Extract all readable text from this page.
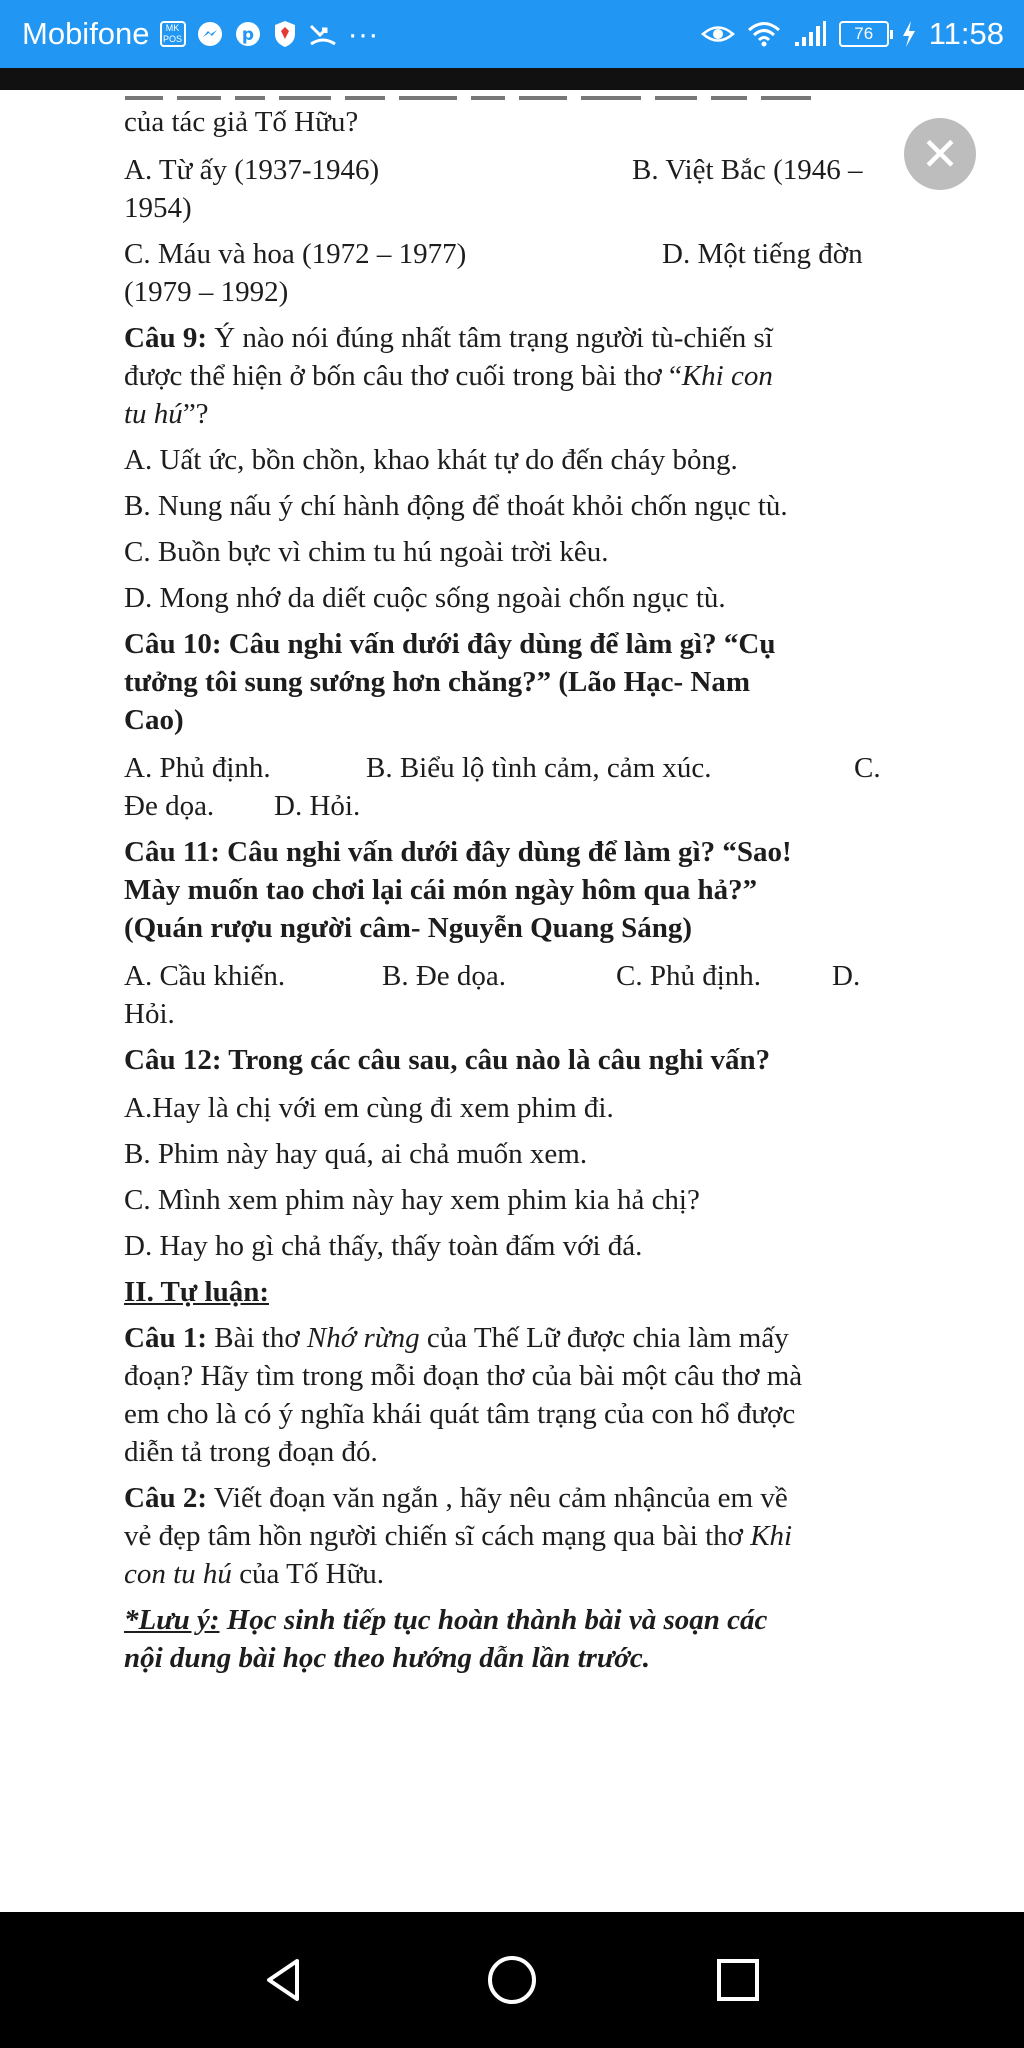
Mobifone	MK POS	p	···	76	11:58
của tác giả Tố Hữu?
A. Từ ấy (1937-1946)	B. Việt Bắc (1946 –
1954)
C. Máu và hoa (1972 – 1977)	D. Một tiếng đờn
(1979 – 1992)
Câu 9: Ý nào nói đúng nhất tâm trạng người tù-chiến sĩ
được thể hiện ở bốn câu thơ cuối trong bài thơ “Khi con
tu hú”?
A. Uất ức, bồn chồn, khao khát tự do đến cháy bỏng.
B. Nung nấu ý chí hành động để thoát khỏi chốn ngục tù.
C. Buồn bực vì chim tu hú ngoài trời kêu.
D. Mong nhớ da diết cuộc sống ngoài chốn ngục tù.
Câu 10: Câu nghi vấn dưới đây dùng để làm gì? “Cụ
tưởng tôi sung sướng hơn chăng?” (Lão Hạc- Nam
Cao)
A. Phủ định.	B. Biểu lộ tình cảm, cảm xúc.	C.
Đe dọa. D. Hỏi.
Câu 11: Câu nghi vấn dưới đây dùng để làm gì? “Sao!
Mày muốn tao chơi lại cái món ngày hôm qua hả?”
(Quán rượu người câm- Nguyễn Quang Sáng)
A. Cầu khiến.	B. Đe dọa.	C. Phủ định. D.
Hỏi.
Câu 12: Trong các câu sau, câu nào là câu nghi vấn?
A.Hay là chị với em cùng đi xem phim đi.
B. Phim này hay quá, ai chả muốn xem.
C. Mình xem phim này hay xem phim kia hả chị?
D. Hay ho gì chả thấy, thấy toàn đấm với đá.
II. Tự luận:
Câu 1: Bài thơ Nhớ rừng của Thế Lữ được chia làm mấy
đoạn? Hãy tìm trong mỗi đoạn thơ của bài một câu thơ mà
em cho là có ý nghĩa khái quát tâm trạng của con hổ được
diễn tả trong đoạn đó.
Câu 2: Viết đoạn văn ngắn , hãy nêu cảm nhậncủa em về
vẻ đẹp tâm hồn người chiến sĩ cách mạng qua bài thơ Khi
con tu hú của Tố Hữu.
*Lưu ý: Học sinh tiếp tục hoàn thành bài và soạn các
nội dung bài học theo hướng dẫn lần trước.
✕
